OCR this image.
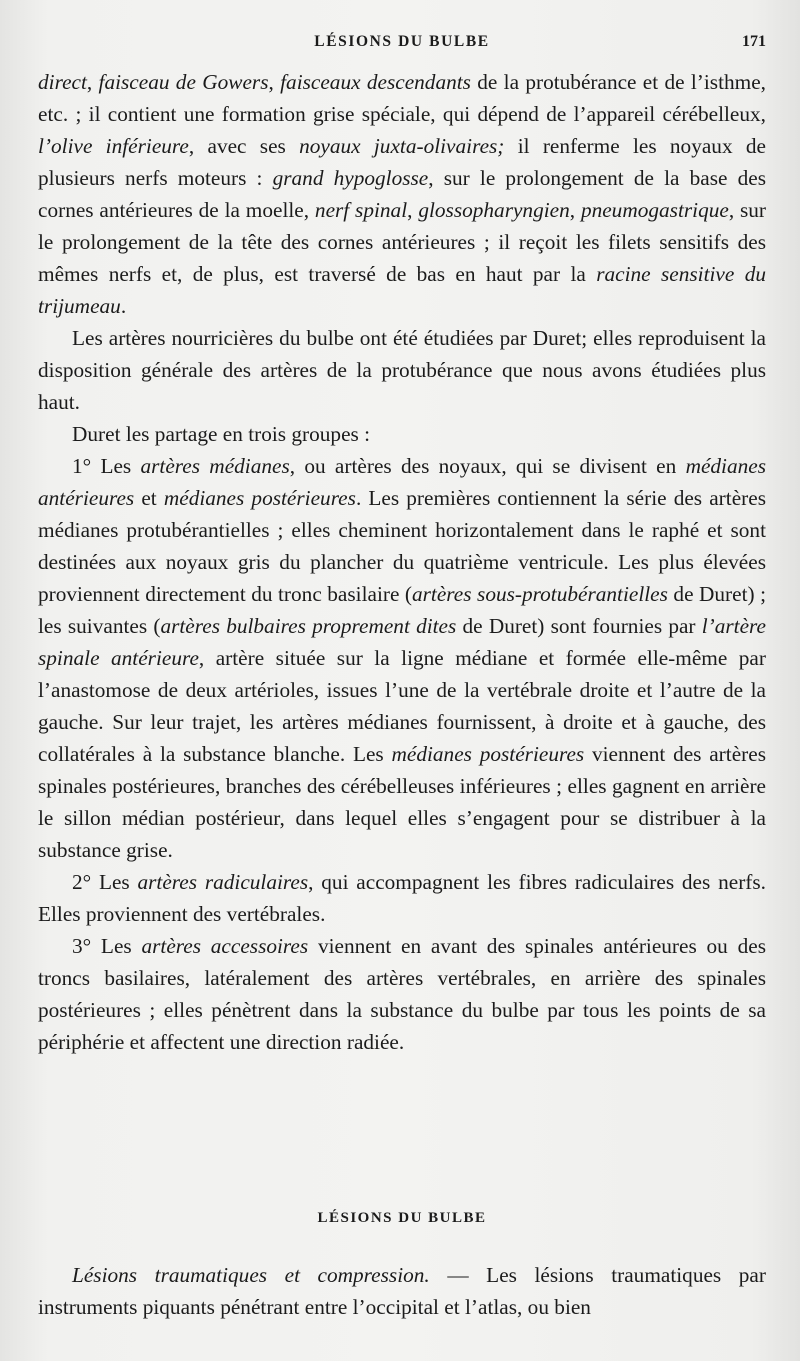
LÉSIONS DU BULBE	171

direct, faisceau de Gowers, faisceaux descendants de la protubérance et de l’isthme, etc. ; il contient une formation grise spéciale, qui dépend de l’appareil cérébelleux, l’olive inférieure, avec ses noyaux juxta-olivaires; il renferme les noyaux de plusieurs nerfs moteurs : grand hypoglosse, sur le prolongement de la base des cornes antérieures de la moelle, nerf spinal, glossopharyngien, pneumogastrique, sur le prolongement de la tête des cornes antérieures ; il reçoit les filets sensitifs des mêmes nerfs et, de plus, est traversé de bas en haut par la racine sensitive du trijumeau.

Les artères nourricières du bulbe ont été étudiées par Duret; elles reproduisent la disposition générale des artères de la protubérance que nous avons étudiées plus haut.

Duret les partage en trois groupes :

1° Les artères médianes, ou artères des noyaux, qui se divisent en médianes antérieures et médianes postérieures. Les premières contiennent la série des artères médianes protubérantielles ; elles cheminent horizontalement dans le raphé et sont destinées aux noyaux gris du plancher du quatrième ventricule. Les plus élevées proviennent directement du tronc basilaire (artères sous-protubérantielles de Duret) ; les suivantes (artères bulbaires proprement dites de Duret) sont fournies par l’artère spinale antérieure, artère située sur la ligne médiane et formée elle-même par l’anastomose de deux artérioles, issues l’une de la vertébrale droite et l’autre de la gauche. Sur leur trajet, les artères médianes fournissent, à droite et à gauche, des collatérales à la substance blanche. Les médianes postérieures viennent des artères spinales postérieures, branches des cérébelleuses inférieures ; elles gagnent en arrière le sillon médian postérieur, dans lequel elles s’engagent pour se distribuer à la substance grise.

2° Les artères radiculaires, qui accompagnent les fibres radiculaires des nerfs. Elles proviennent des vertébrales.

3° Les artères accessoires viennent en avant des spinales antérieures ou des troncs basilaires, latéralement des artères vertébrales, en arrière des spinales postérieures ; elles pénètrent dans la substance du bulbe par tous les points de sa périphérie et affectent une direction radiée.

LÉSIONS DU BULBE

Lésions traumatiques et compression. — Les lésions traumatiques par instruments piquants pénétrant entre l’occipital et l’atlas, ou bien
